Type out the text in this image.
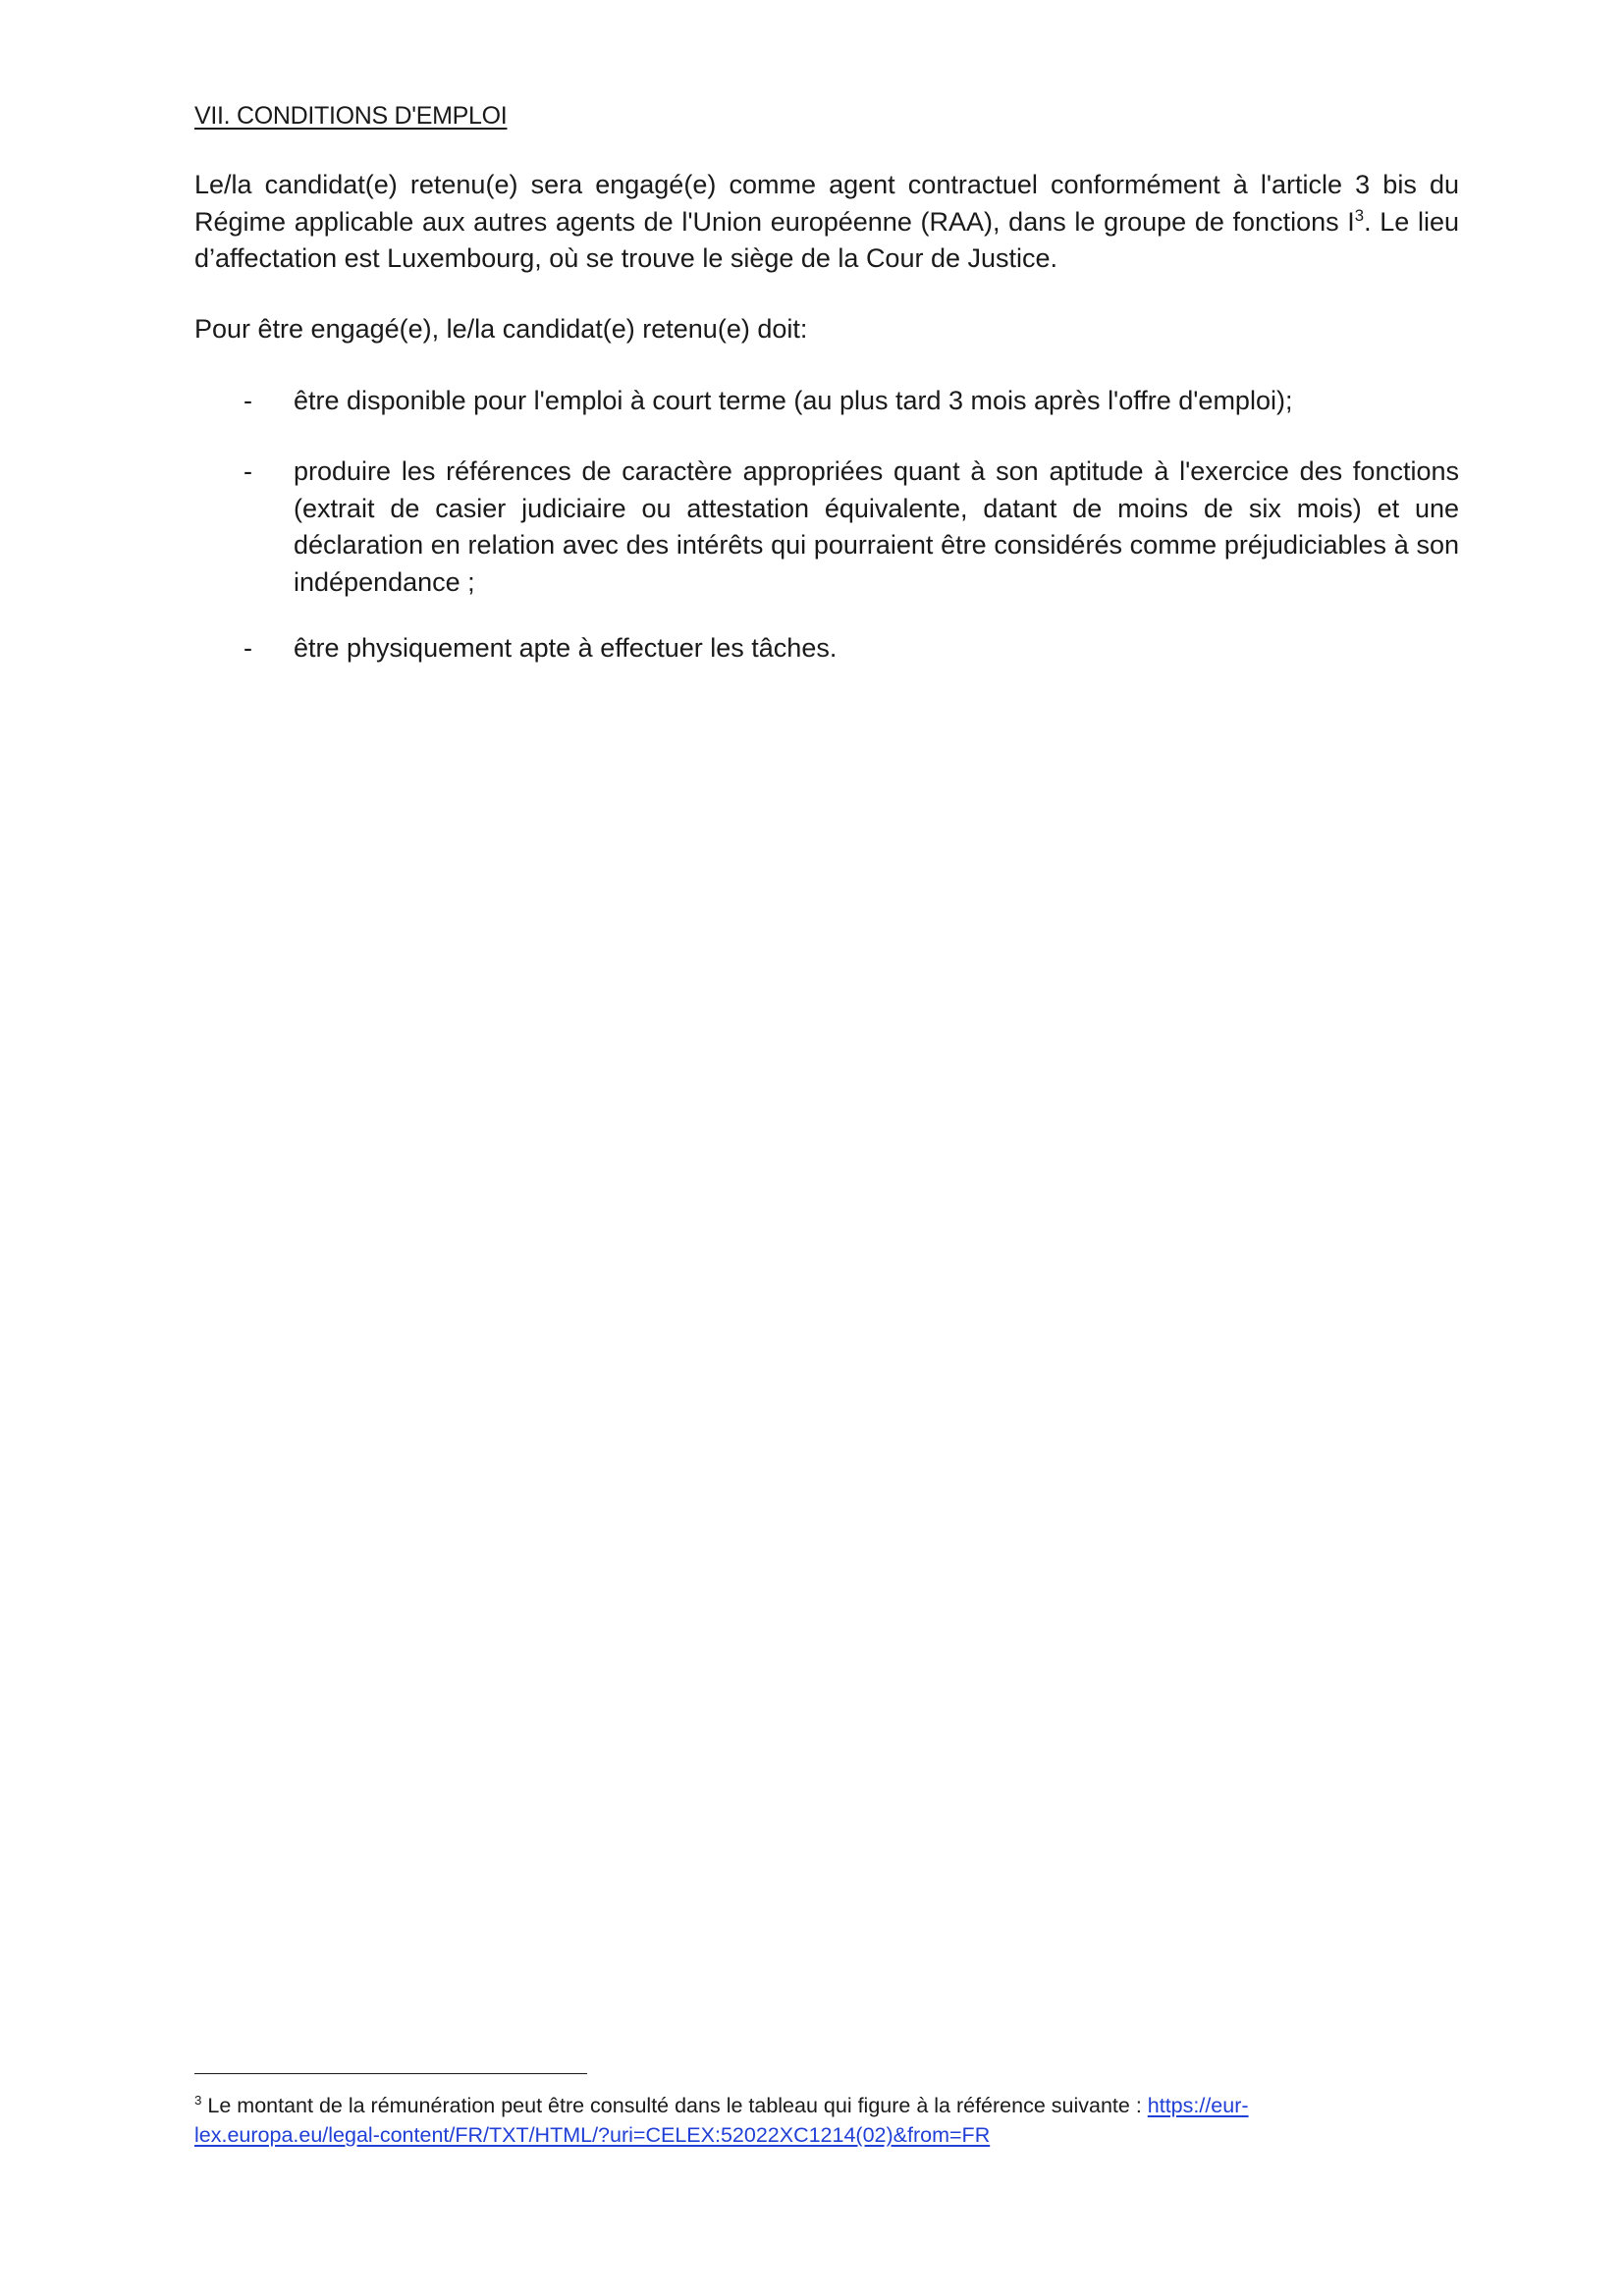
VII. CONDITIONS D'EMPLOI

Le/la candidat(e) retenu(e) sera engagé(e) comme agent contractuel conformément à l'article 3 bis du Régime applicable aux autres agents de l'Union européenne (RAA), dans le groupe de fonctions $I^3$. Le lieu d’affectation est Luxembourg, où se trouve le siège de la Cour de Justice.

Pour être engagé(e), le/la candidat(e) retenu(e) doit:

-	être disponible pour l'emploi à court terme (au plus tard 3 mois après l'offre d'emploi);
-	produire les références de caractère appropriées quant à son aptitude à l'exercice des fonctions (extrait de casier judiciaire ou attestation équivalente, datant de moins de six mois) et une déclaration en relation avec des intérêts qui pourraient être considérés comme préjudiciables à son indépendance ;
-	être physiquement apte à effectuer les tâches.

$^3$ Le montant de la rémunération peut être consulté dans le tableau qui figure à la référence suivante : https://eur-lex.europa.eu/legal-content/FR/TXT/HTML/?uri=CELEX:52022XC1214(02)&from=FR
